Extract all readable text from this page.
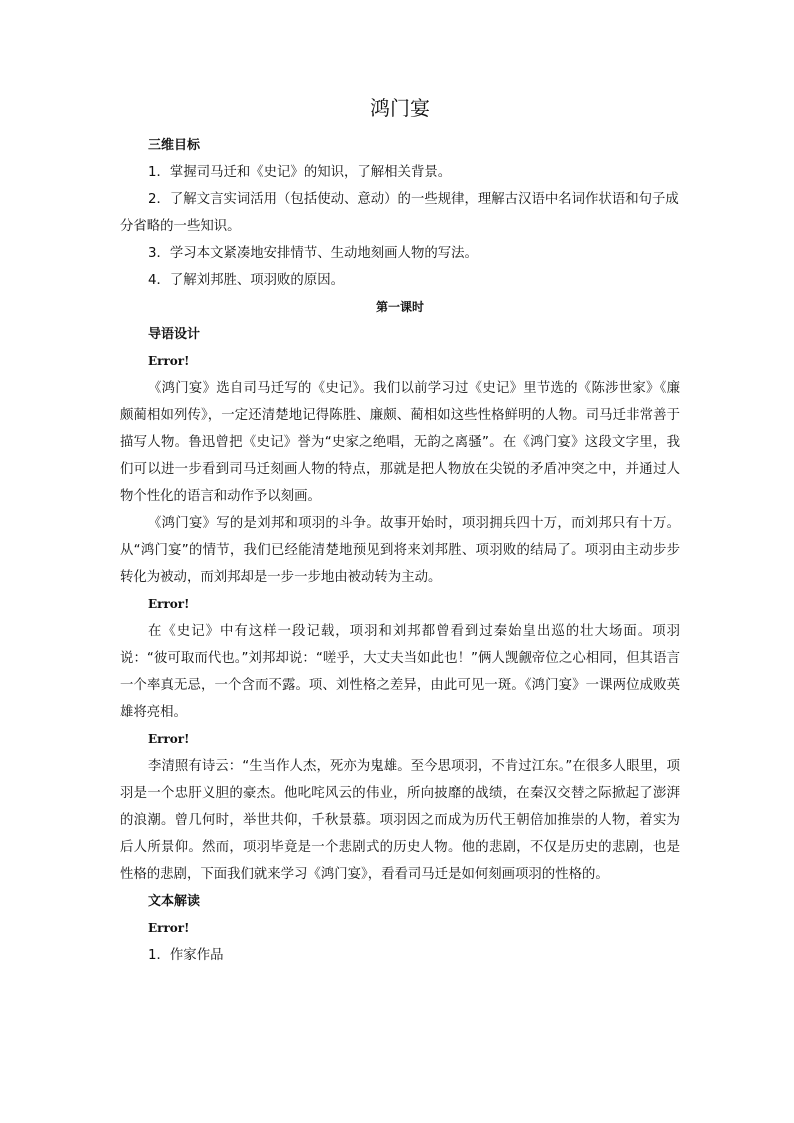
鸿门宴

三维目标

1．掌握司马迁和《史记》的知识，了解相关背景。

2．了解文言实词活用（包括使动、意动）的一些规律，理解古汉语中名词作状语和句子成分省略的一些知识。

3．学习本文紧凑地安排情节、生动地刻画人物的写法。

4．了解刘邦胜、项羽败的原因。

第一课时

导语设计

Error!

《鸿门宴》选自司马迁写的《史记》。我们以前学习过《史记》里节选的《陈涉世家》《廉颇蔺相如列传》，一定还清楚地记得陈胜、廉颇、蔺相如这些性格鲜明的人物。司马迁非常善于描写人物。鲁迅曾把《史记》誉为“史家之绝唱，无韵之离骚”。在《鸿门宴》这段文字里，我们可以进一步看到司马迁刻画人物的特点，那就是把人物放在尖锐的矛盾冲突之中，并通过人物个性化的语言和动作予以刻画。

《鸿门宴》写的是刘邦和项羽的斗争。故事开始时，项羽拥兵四十万，而刘邦只有十万。从“鸿门宴”的情节，我们已经能清楚地预见到将来刘邦胜、项羽败的结局了。项羽由主动步步转化为被动，而刘邦却是一步一步地由被动转为主动。

Error!

在《史记》中有这样一段记载，项羽和刘邦都曾看到过秦始皇出巡的壮大场面。项羽说：“彼可取而代也。”刘邦却说：“嗟乎，大丈夫当如此也！”俩人觊觎帝位之心相同，但其语言一个率真无忌，一个含而不露。项、刘性格之差异，由此可见一斑。《鸿门宴》一课两位成败英雄将亮相。

Error!

李清照有诗云：“生当作人杰，死亦为鬼雄。至今思项羽，不肯过江东。”在很多人眼里，项羽是一个忠肝义胆的豪杰。他叱咤风云的伟业，所向披靡的战绩，在秦汉交替之际掀起了澎湃的浪潮。曾几何时，举世共仰，千秋景慕。项羽因之而成为历代王朝倍加推崇的人物，着实为后人所景仰。然而，项羽毕竟是一个悲剧式的历史人物。他的悲剧，不仅是历史的悲剧，也是性格的悲剧，下面我们就来学习《鸿门宴》，看看司马迁是如何刻画项羽的性格的。

文本解读

Error!

1．作家作品
